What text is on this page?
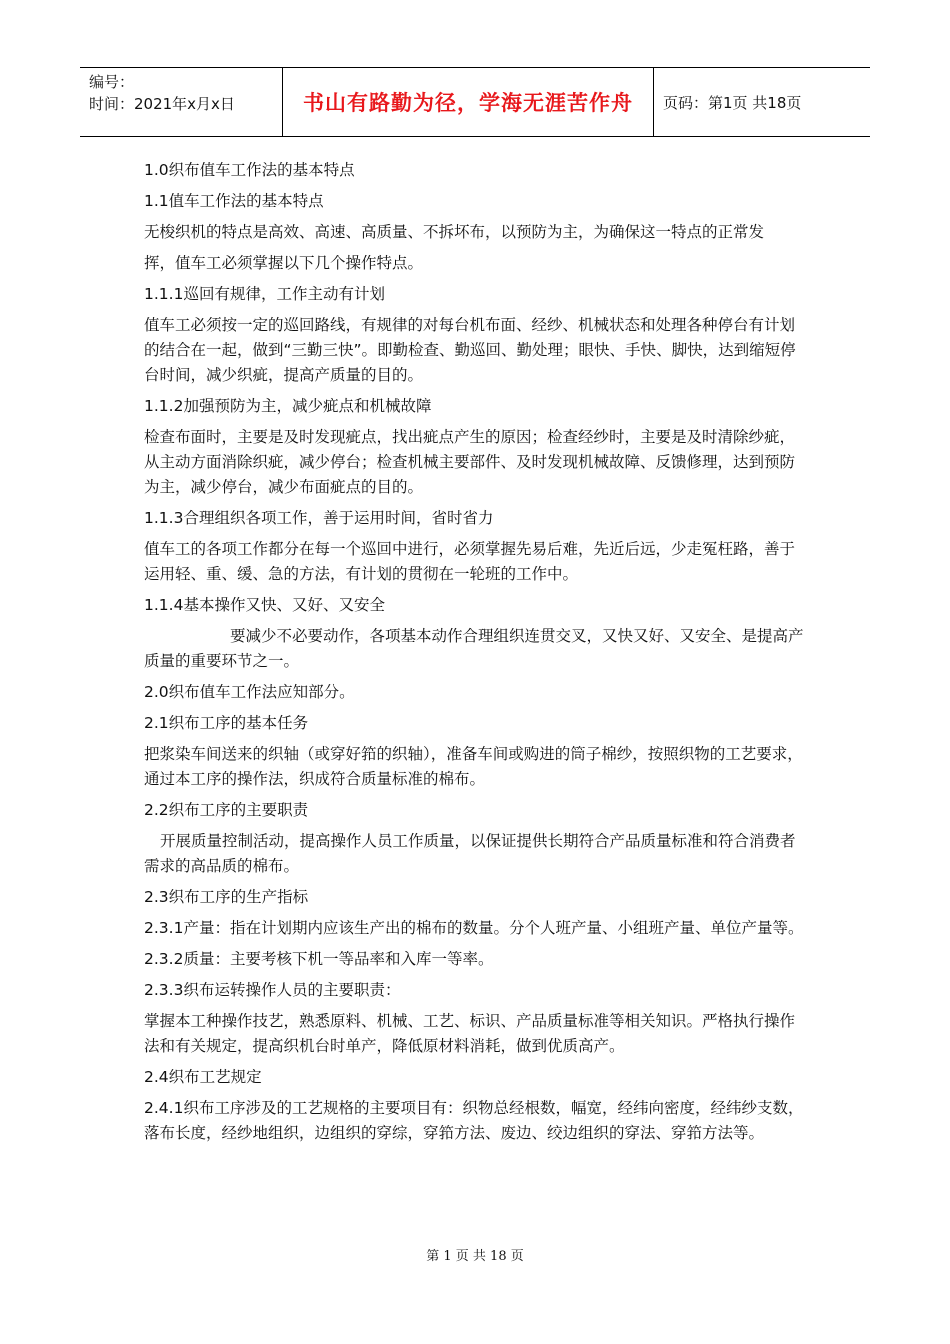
编号：
时间：2021年x月x日	书山有路勤为径，学海无涯苦作舟	页码：第1页 共18页

1.0织布值车工作法的基本特点

1.1值车工作法的基本特点

无梭织机的特点是高效、高速、高质量、不拆坏布，以预防为主，为确保这一特点的正常发

挥，值车工必须掌握以下几个操作特点。

1.1.1巡回有规律，工作主动有计划

值车工必须按一定的巡回路线，有规律的对每台机布面、经纱、机械状态和处理各种停台有计划的结合在一起，做到“三勤三快”。即勤检查、勤巡回、勤处理；眼快、手快、脚快，达到缩短停台时间，减少织疵，提高产质量的目的。

1.1.2加强预防为主，减少疵点和机械故障

检查布面时，主要是及时发现疵点，找出疵点产生的原因；检查经纱时，主要是及时清除纱疵，从主动方面消除织疵，减少停台；检查机械主要部件、及时发现机械故障、反馈修理，达到预防为主，减少停台，减少布面疵点的目的。

1.1.3合理组织各项工作，善于运用时间，省时省力

值车工的各项工作都分在每一个巡回中进行，必须掌握先易后难，先近后远，少走冤枉路，善于运用轻、重、缓、急的方法，有计划的贯彻在一轮班的工作中。

1.1.4基本操作又快、又好、又安全

要减少不必要动作，各项基本动作合理组织连贯交叉，又快又好、又安全、是提高产质量的重要环节之一。

2.0织布值车工作法应知部分。

2.1织布工序的基本任务

把浆染车间送来的织轴（或穿好筘的织轴），准备车间或购进的筒子棉纱，按照织物的工艺要求，通过本工序的操作法，织成符合质量标准的棉布。

2.2织布工序的主要职责

开展质量控制活动，提高操作人员工作质量，以保证提供长期符合产品质量标准和符合消费者需求的高品质的棉布。

2.3织布工序的生产指标

2.3.1产量：指在计划期内应该生产出的棉布的数量。分个人班产量、小组班产量、单位产量等。

2.3.2质量：主要考核下机一等品率和入库一等率。

2.3.3织布运转操作人员的主要职责：

掌握本工种操作技艺，熟悉原料、机械、工艺、标识、产品质量标准等相关知识。严格执行操作法和有关规定，提高织机台时单产，降低原材料消耗，做到优质高产。

2.4织布工艺规定

2.4.1织布工序涉及的工艺规格的主要项目有：织物总经根数，幅宽，经纬向密度，经纬纱支数，落布长度，经纱地组织，边组织的穿综，穿筘方法、废边、绞边组织的穿法、穿筘方法等。

第 1 页 共 18 页
